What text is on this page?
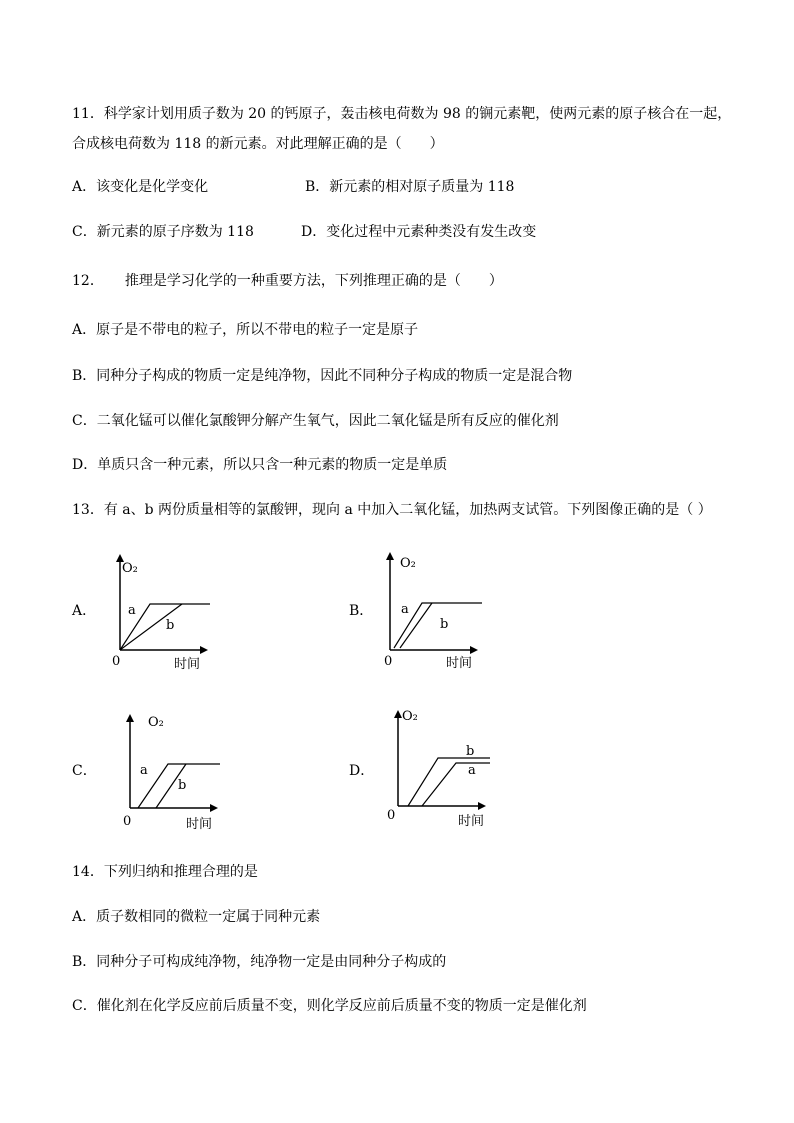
11．科学家计划用质子数为 20 的钙原子，轰击核电荷数为 98 的锎元素靶，使两元素的原子核合在一起，
合成核电荷数为 118 的新元素。对此理解正确的是（　　）
A．该变化是化学变化	B．新元素的相对原子质量为 118
C．新元素的原子序数为 118	D．变化过程中元素种类没有发生改变
12．　　推理是学习化学的一种重要方法，下列推理正确的是（　　）
A．原子是不带电的粒子，所以不带电的粒子一定是原子
B．同种分子构成的物质一定是纯净物，因此不同种分子构成的物质一定是混合物
C．二氧化锰可以催化氯酸钾分解产生氧气，因此二氧化锰是所有反应的催化剂
D．单质只含一种元素，所以只含一种元素的物质一定是单质
13．有 a、b 两份质量相等的氯酸钾，现向 a 中加入二氧化锰，加热两支试管。下列图像正确的是（ ）
A．
O₂
a
b
0	时间
B．
O₂
a
b
0	时间
C．
O₂
a
b
0	时间
D．
O₂
b
a
0	时间
14．下列归纳和推理合理的是
A．质子数相同的微粒一定属于同种元素
B．同种分子可构成纯净物，纯净物一定是由同种分子构成的
C．催化剂在化学反应前后质量不变，则化学反应前后质量不变的物质一定是催化剂
